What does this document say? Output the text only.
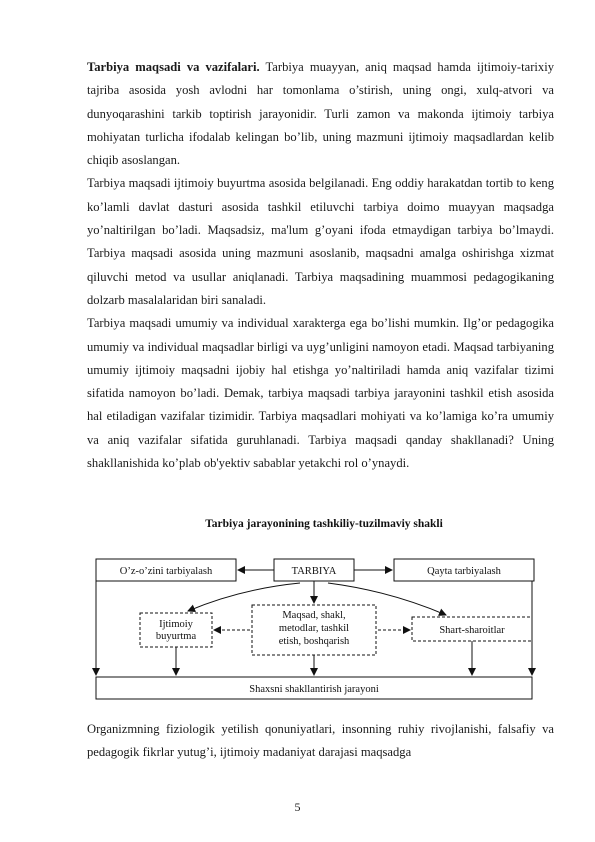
Tarbiya maqsadi va vazifalari. Tarbiya muayyan, aniq maqsad hamda ijtimoiy-tarixiy tajriba asosida yosh avlodni har tomonlama o’stirish, uning ongi, xulq-atvori va dunyoqarashini tarkib toptirish jarayonidir. Turli zamon va makonda ijtimoiy tarbiya mohiyatan turlicha ifodalab kelingan bo’lib, uning mazmuni ijtimoiy maqsadlardan kelib chiqib asoslangan.

Tarbiya maqsadi ijtimoiy buyurtma asosida belgilanadi. Eng oddiy harakatdan tortib to keng ko’lamli davlat dasturi asosida tashkil etiluvchi tarbiya doimo muayyan maqsadga yo’naltirilgan bo’ladi. Maqsadsiz, ma'lum g’oyani ifoda etmaydigan tarbiya bo’lmaydi. Tarbiya maqsadi asosida uning mazmuni asoslanib, maqsadni amalga oshirishga xizmat qiluvchi metod va usullar aniqlanadi. Tarbiya maqsadining muammosi pedagogikaning dolzarb masalalaridan biri sanaladi.

Tarbiya maqsadi umumiy va individual xarakterga ega bo’lishi mumkin. Ilg’or pedagogika umumiy va individual maqsadlar birligi va uyg’unligini namoyon etadi. Maqsad tarbiyaning umumiy ijtimoiy maqsadni ijobiy hal etishga yo’naltiriladi hamda aniq vazifalar tizimi sifatida namoyon bo’ladi. Demak, tarbiya maqsadi tarbiya jarayonini tashkil etish asosida hal etiladigan vazifalar tizimidir. Tarbiya maqsadlari mohiyati va ko’lamiga ko’ra umumiy va aniq vazifalar sifatida guruhlanadi. Tarbiya maqsadi qanday shakllanadi? Uning shakllanishida ko’plab ob'yektiv sabablar yetakchi rol o’ynaydi.

Tarbiya jarayonining tashkiliy-tuzilmaviy shakli
O’z-o’zini tarbiyalash	TARBIYA	Qayta tarbiyalash
Ijtimoiy
buyurtma
Maqsad, shakl,
metodlar, tashkil
etish, boshqarish
Shart-sharoitlar
Shaxsni shakllantirish jarayoni

Organizmning fiziologik yetilish qonuniyatlari, insonning ruhiy rivojlanishi, falsafiy va pedagogik fikrlar yutug’i, ijtimoiy madaniyat darajasi maqsadga

5
